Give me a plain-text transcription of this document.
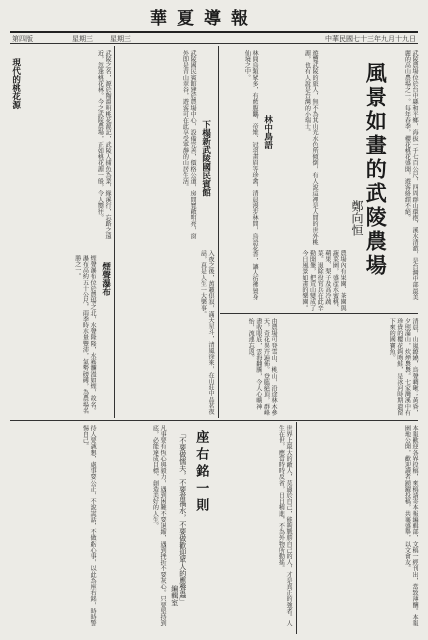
華夏導報
第四版	星期三 星期三	中華民國七十三年九月十九日
風景如畫的武陵農場
鄭向恒	武陵農場位於台中縣和平鄉，海拔一千七百公尺，四周群山環抱，溪水清澈，是台灣中部最美麗的高山農場之一。每年春季，櫻花桃花盛開，遊客絡繹不絕。
農場內有果園、茶園與蔬菜園，盛產水蜜桃、蘋果、梨子及高冷蔬菜。退除役官兵在此辛勤開墾，把荒山變成了今日風景如畫的樂園。
清晨，山嵐繚繞，鳥聲啁啾；黃昏，夕照滿山，炊煙裊裊。七家灣溪中有珍貴的櫻花鉤吻鮭，是冰河時期遺留下來的國寶魚。
由農場可登雪山、桃山，沿途林木參天，奇花異卉遍佈。登臨絕頂，群峰盡收眼底，雲海翻騰，令人心曠神怡，流連忘返。
林中鳥語
林間鳥類眾多，有藍腹鷴、帝雉、冠羽畫眉等珍禽，清晨漫步林間，鳥語花香，讓人彷彿置身仙境之中。	遊覽武陵的旅人，無不為其山光水色所傾倒，有人說這裡是人間的世外桃源，也有人說是台灣的小瑞士。
下榻新武陵國民賓館
武陵國民賓館建於農場中心，設備完善，價格公道，房間寬敞明亮，窗外即是青山翠谷，遊客可在此享受寧靜的山居生活。
入夜之後，萬籟俱寂，滿天星斗，清風徐來，在山莊中品茗夜話，真是人生一大樂事。
現代的桃花源	武陵之名，源於陶淵明桃花源記，武陵人捕魚為業，緣溪行，忘路之遠近，忽逢桃花林。今之武陵農場，正如桃花源一般，令人嚮往。
煙聲瀑布
煙聲瀑布位於農場之北，水聲隆隆，水霧瀰漫如煙，故名。瀑布高約五十公尺，雨季時水量豐沛，氣勢磅礡，為農場名勝之一。
座右銘一則
「不要做懦夫，不要當禍水，不要做歡迎眾人的應聲蟲」
編輯室	世界上最大的敵人，莫過於自己，能夠戰勝自己的人，才是真正的強者。人生在世，應當時時反省，日日精進，不為外物所動搖。
凡事要有恆心與毅力，遇到困難不要退縮，遇到挫折不要灰心。只要堅持到底，必能達成目標，創造美好的人生。
待人要誠懇，處事要公正，不說謊話，不做虧心事，以此為座右銘，時時警惕自己。	本報歡迎各界投稿，來稿請寄本報編輯部，文稿一經刊出，當致薄酬。本報園地公開，歡迎讀者踴躍投稿，共襄盛舉，以文會友。
